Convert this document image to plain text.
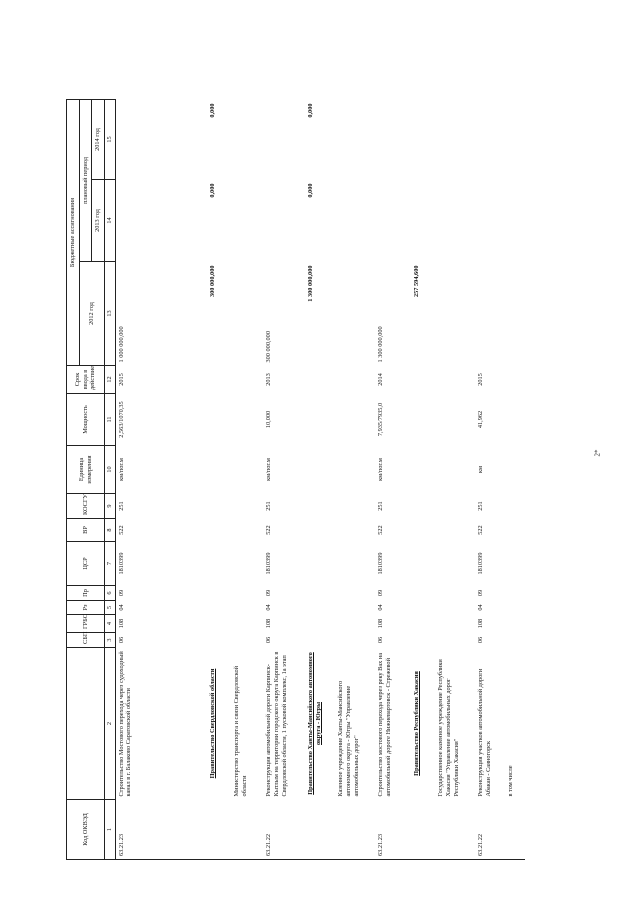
Код ОКВЭД		СБП	ГРБС	Рз	Пр	ЦСР	ВР	КОСГУ	Единица измерения	Мощность	Срок ввода в действие	Бюджетные ассигнования		
												2012 год	плановый период	
													2013 год	2014 год
1	2	3	4	5	6	7	8	9	10	11	12	13	14	15
63.21.23	Строительство Мостового перехода через судоходный канал в г. Балаково Саратовской области	06	108	04	09	1810399	522	251	км/пог.м	2,563/1070,35	2015	1 000 000,000		
	Правительство Свердловской области											300 000,000	0,000	0,000
	Министерство транспорта и связи Свердловской области													
63.21.22	Реконструкция автомобильной дороги Карпинск-Кытлым на территории городского округа Карпинск в Свердловской области, 1 пусковой комплекс, 1а этап	06	108	04	09	1810399	522	251	км/пог.м	10,000	2013	300 000,000		
	Правительство Ханты-Мансийского автономного округа - Югры											1 300 000,000	0,000	0,000
	Казенное учреждение Ханты-Мансийского автономного округа - Югры "Управление автомобильных дорог"													
63.21.23	Строительство мостового перехода через реку Вах на автомобильной дороге Нижневартовск - Стрежевой	06	108	04	09	1810399	522	251	км/пог.м	7,935/7935,0	2014	1 300 000,000		
	Правительство Республики Хакасия											257 594,600		
	Государственное казенное учреждение Республики Хакасия "Управление автомобильных дорог Республики Хакасия"													
63.21.22	Реконструкция участков автомобильной дороги Абакан - Саяногорск	06	108	04	09	1810399	522	251	км	41,962	2015			
	в том числе													
2*
